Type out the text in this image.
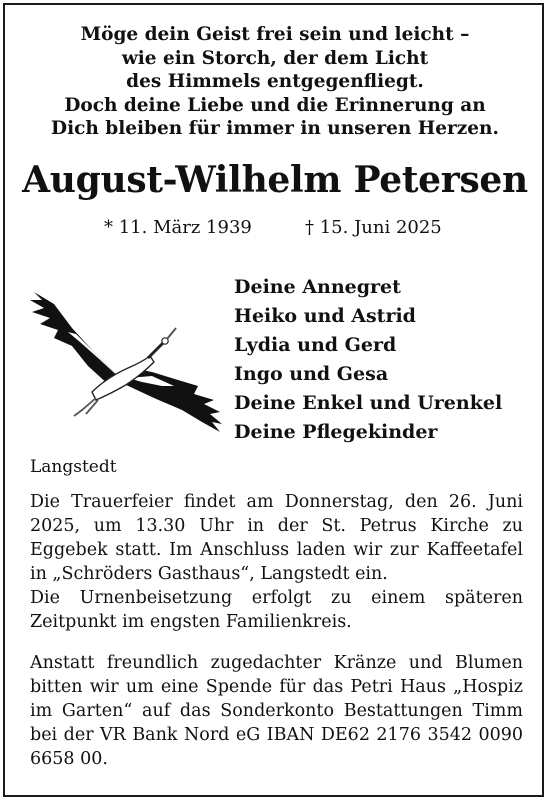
Möge dein Geist frei sein und leicht –
wie ein Storch, der dem Licht
des Himmels entgegenfliegt.
Doch deine Liebe und die Erinnerung an
Dich bleiben für immer in unseren Herzen.
August-Wilhelm Petersen
* 11. März 1939	† 15. Juni 2025
Deine Annegret
Heiko und Astrid
Lydia und Gerd
Ingo und Gesa
Deine Enkel und Urenkel
Deine Pflegekinder
Langstedt

Die Trauerfeier findet am Donnerstag, den 26. Juni 2025, um 13.30 Uhr in der St. Petrus Kirche zu Eggebek statt. Im Anschluss laden wir zur Kaffeetafel in „Schröders Gasthaus“, Langstedt ein.

Die Urnenbeisetzung erfolgt zu einem späteren Zeitpunkt im engsten Familienkreis.

Anstatt freundlich zugedachter Kränze und Blumen bitten wir um eine Spende für das Petri Haus „Hospiz im Garten“ auf das Sonderkonto Bestattungen Timm bei der VR Bank Nord eG IBAN DE62 2176 3542 0090 6658 00.
